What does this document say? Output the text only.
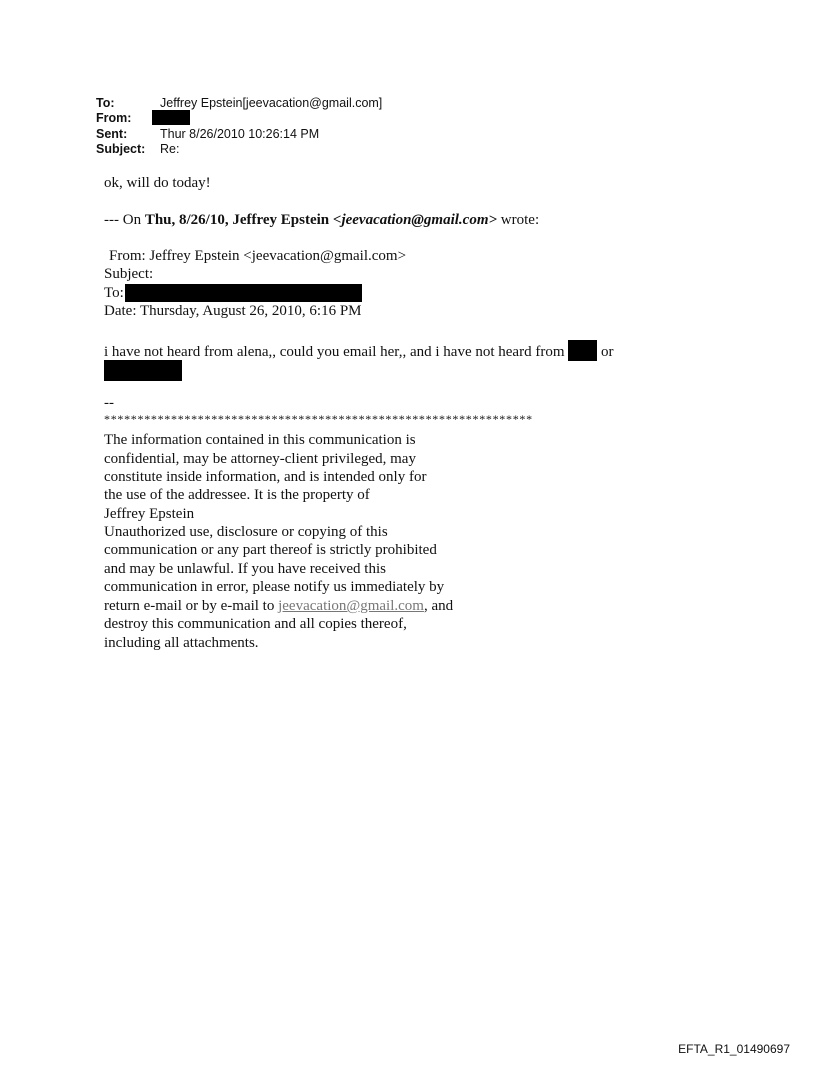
To:	Jeffrey Epstein[jeevacation@gmail.com]
From:
Sent:	Thur 8/26/2010 10:26:14 PM
Subject: Re:
ok, will do today!
--- On Thu, 8/26/10, Jeffrey Epstein <jeevacation@gmail.com> wrote:
From: Jeffrey Epstein <jeevacation@gmail.com>
Subject:
To:
Date: Thursday, August 26, 2010, 6:16 PM
i have not heard from alena,, could you email her,, and i have not heard from  or
--
****************************************************************
The information contained in this communication is
confidential, may be attorney-client privileged, may
constitute inside information, and is intended only for
the use of the addressee. It is the property of
Jeffrey Epstein
Unauthorized use, disclosure or copying of this
communication or any part thereof is strictly prohibited
and may be unlawful. If you have received this
communication in error, please notify us immediately by
return e-mail or by e-mail to jeevacation@gmail.com, and
destroy this communication and all copies thereof,
including all attachments.
EFTA_R1_01490697
